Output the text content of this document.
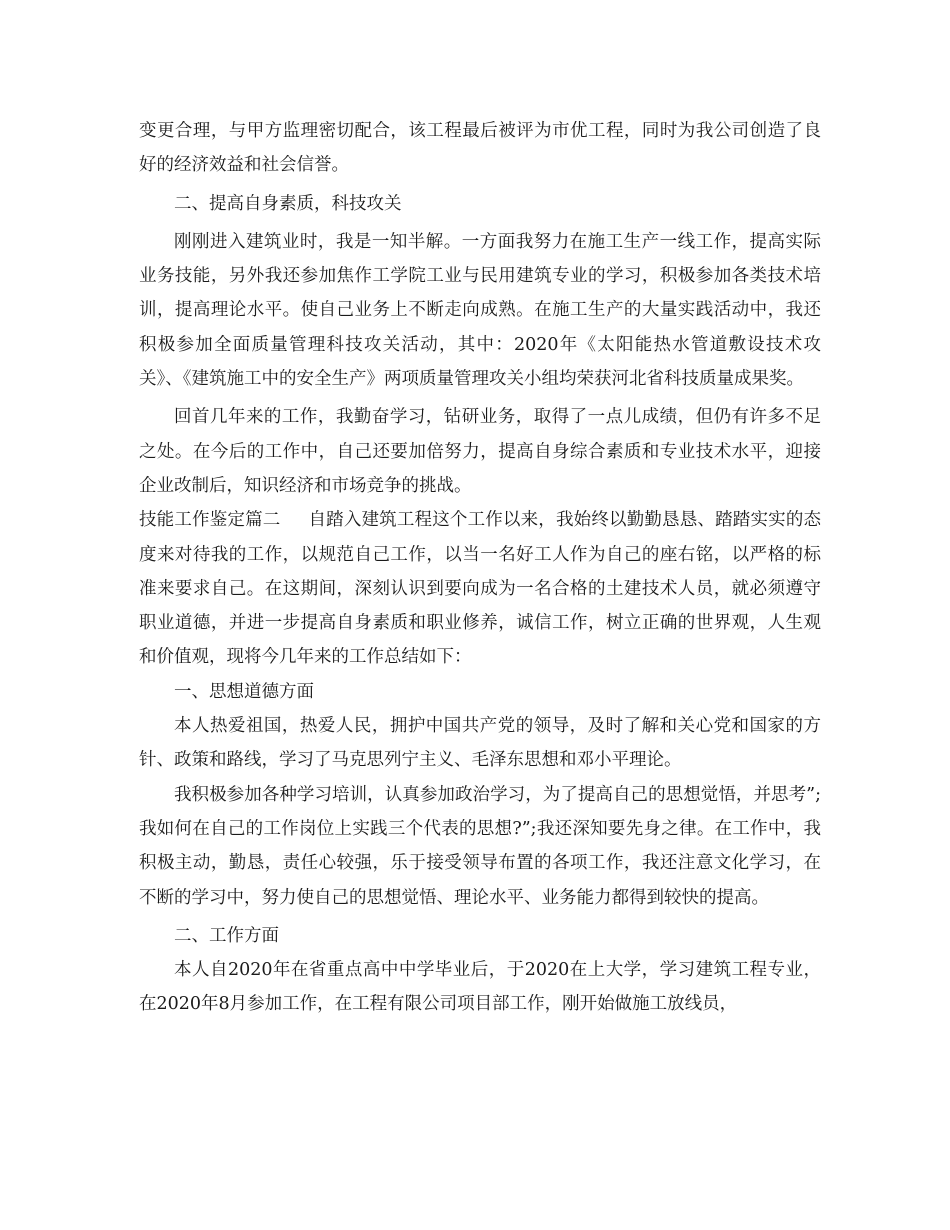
变更合理，与甲方监理密切配合，该工程最后被评为市优工程，同时为我公司创造了良好的经济效益和社会信誉。

二、提高自身素质，科技攻关

刚刚进入建筑业时，我是一知半解。一方面我努力在施工生产一线工作，提高实际业务技能，另外我还参加焦作工学院工业与民用建筑专业的学习，积极参加各类技术培训，提高理论水平。使自己业务上不断走向成熟。在施工生产的大量实践活动中，我还积极参加全面质量管理科技攻关活动，其中：2020年《太阳能热水管道敷设技术攻关》、《建筑施工中的安全生产》两项质量管理攻关小组均荣获河北省科技质量成果奖。

回首几年来的工作，我勤奋学习，钻研业务，取得了一点儿成绩，但仍有许多不足之处。在今后的工作中，自己还要加倍努力，提高自身综合素质和专业技术水平，迎接企业改制后，知识经济和市场竞争的挑战。

技能工作鉴定篇二 自踏入建筑工程这个工作以来，我始终以勤勤恳恳、踏踏实实的态度来对待我的工作，以规范自己工作，以当一名好工人作为自己的座右铭，以严格的标准来要求自己。在这期间，深刻认识到要向成为一名合格的土建技术人员，就必须遵守职业道德，并进一步提高自身素质和职业修养，诚信工作，树立正确的世界观，人生观和价值观，现将今几年来的工作总结如下：

一、思想道德方面

本人热爱祖国，热爱人民，拥护中国共产党的领导，及时了解和关心党和国家的方针、政策和路线，学习了马克思列宁主义、毛泽东思想和邓小平理论。

我积极参加各种学习培训，认真参加政治学习，为了提高自己的思想觉悟，并思考”;我如何在自己的工作岗位上实践三个代表的思想?”;我还深知要先身之律。在工作中，我积极主动，勤恳，责任心较强，乐于接受领导布置的各项工作，我还注意文化学习，在不断的学习中，努力使自己的思想觉悟、理论水平、业务能力都得到较快的提高。

二、工作方面

本人自2020年在省重点高中中学毕业后，于2020在上大学，学习建筑工程专业，在2020年8月参加工作，在工程有限公司项目部工作，刚开始做施工放线员，
